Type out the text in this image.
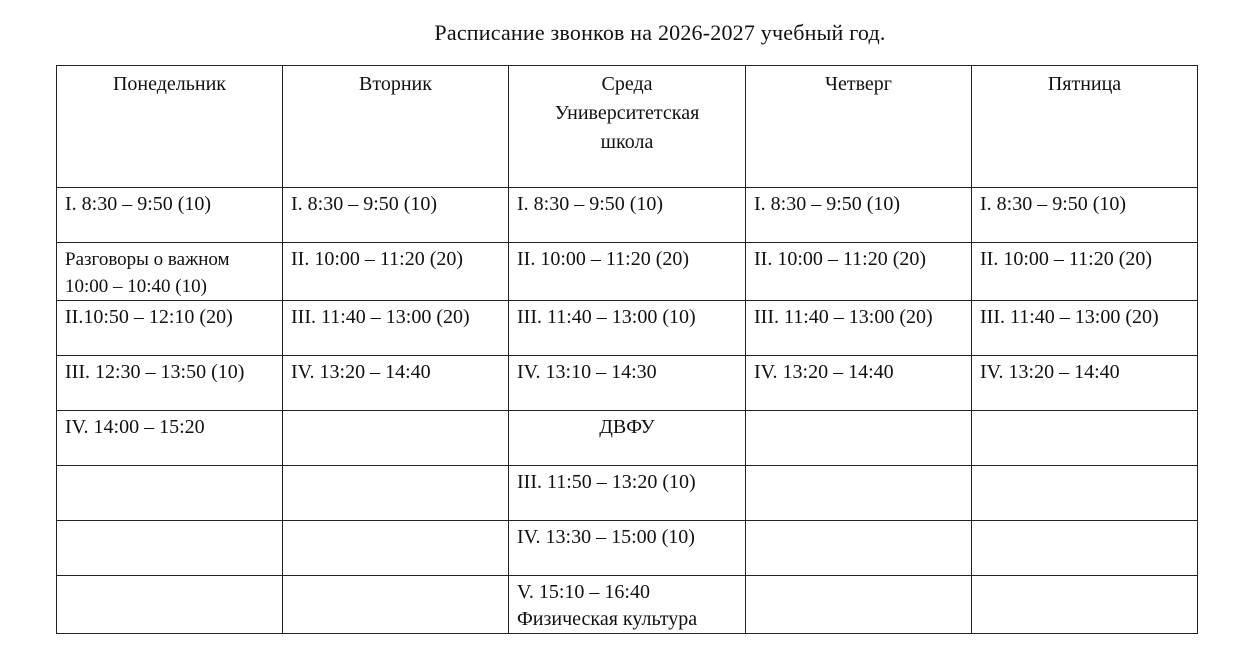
Расписание звонков на 2026-2027 учебный год.
Понедельник	Вторник	Среда
Университетская
школа	Четверг	Пятница

I. 8:30 – 9:50 (10)	I. 8:30 – 9:50 (10)	I. 8:30 – 9:50 (10)	I. 8:30 – 9:50 (10)	I. 8:30 – 9:50 (10)

Разговоры о важном
10:00 – 10:40 (10)	II. 10:00 – 11:20 (20)	II. 10:00 – 11:20 (20)	II. 10:00 – 11:20 (20)	II. 10:00 – 11:20 (20)

II.10:50 – 12:10 (20)	III. 11:40 – 13:00 (20)	III. 11:40 – 13:00 (10)	III. 11:40 – 13:00 (20)	III. 11:40 – 13:00 (20)

III. 12:30 – 13:50 (10)	IV. 13:20 – 14:40	IV. 13:10 – 14:30	IV. 13:20 – 14:40	IV. 13:20 – 14:40

IV. 14:00 – 15:20		ДВФУ		

		III. 11:50 – 13:20 (10)		

		IV. 13:30 – 15:00 (10)		

		V. 15:10 – 16:40
Физическая культура		
